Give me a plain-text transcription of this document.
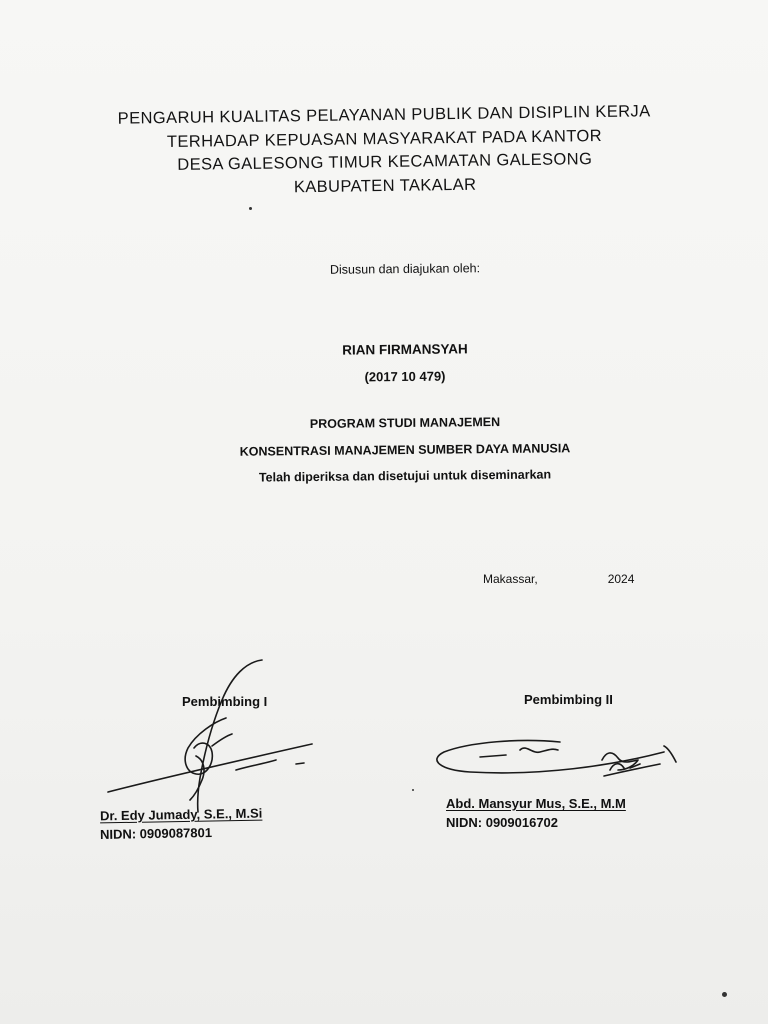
PENGARUH KUALITAS PELAYANAN PUBLIK DAN DISIPLIN KERJA
TERHADAP KEPUASAN MASYARAKAT PADA KANTOR
DESA GALESONG TIMUR KECAMATAN GALESONG
KABUPATEN TAKALAR
Disusun dan diajukan oleh:
RIAN FIRMANSYAH
(2017 10 479)
PROGRAM STUDI MANAJEMEN
KONSENTRASI MANAJEMEN SUMBER DAYA MANUSIA
Telah diperiksa dan disetujui untuk diseminarkan
Makassar,	2024
Pembimbing I	Pembimbing II
Dr. Edy Jumady, S.E., M.Si
Abd. Mansyur Mus, S.E., M.M
NIDN: 0909087801
NIDN: 0909016702
